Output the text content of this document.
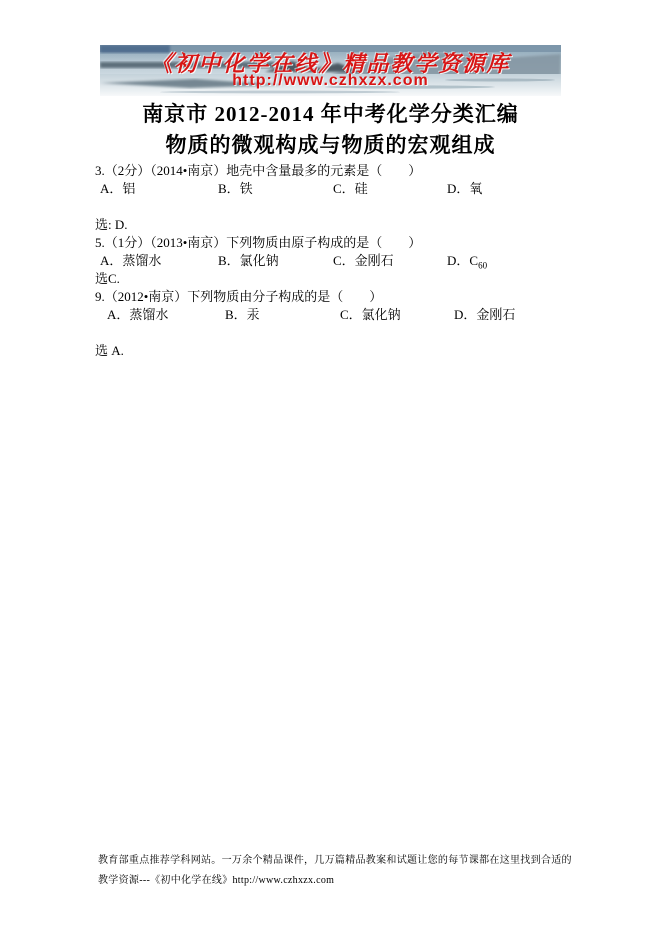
《初中化学在线》精品教学资源库
http://www.czhxzx.com
南京市 2012-2014 年中考化学分类汇编
物质的微观构成与物质的宏观组成
3.（2分）（2014•南京）地壳中含量最多的元素是（　　）
A．铝	B．铁	C．硅	D．氧
选: D.
5.（1分）（2013•南京）下列物质由原子构成的是（　　）
A．蒸馏水	B．氯化钠	C．金刚石	D．$C_{60}$
选C.
9.（2012•南京）下列物质由分子构成的是（　　）
A．蒸馏水	B．汞	C．氯化钠	D．金刚石
选 A.
教育部重点推荐学科网站。一万余个精品课件，几万篇精品教案和试题让您的每节课都在这里找到合适的
教学资源---《初中化学在线》http://www.czhxzx.com
